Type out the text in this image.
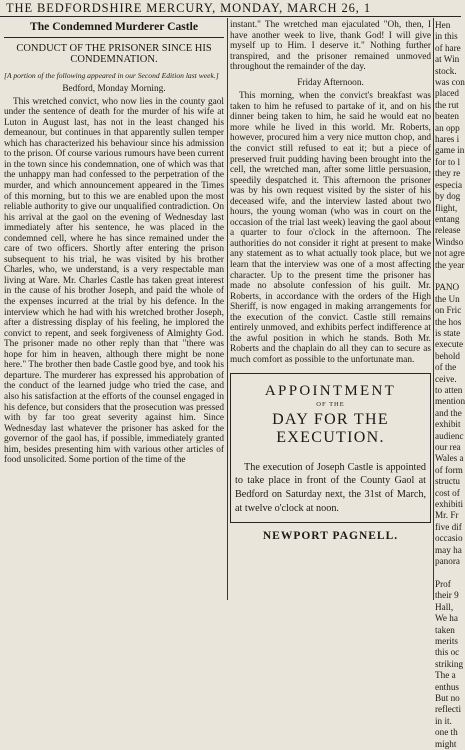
THE BEDFORDSHIRE MERCURY, MONDAY, MARCH 26, 1
The Condemned Murderer Castle
CONDUCT OF THE PRISONER SINCE HIS CONDEMNATION.
[A portion of the following appeared in our Second Edition last week.]
Bedford, Monday Morning.

This wretched convict, who now lies in the county gaol under the sentence of death for the murder of his wife at Luton in August last, has not in the least changed his demeanour, but continues in that apparently sullen temper which has characterized his behaviour since his admission to the prison. Of course various rumours have been current in the town since his condemnation, one of which was that the unhappy man had confessed to the perpetration of the murder, and which announcement appeared in the Times of this morning, but to this we are enabled upon the most reliable authority to give our unqualified contradiction. On his arrival at the gaol on the evening of Wednesday last immediately after his sentence, he was placed in the condemned cell, where he has since remained under the care of two officers. Shortly after entering the prison subsequent to his trial, he was visited by his brother Charles, who, we understand, is a very respectable man living at Ware. Mr. Charles Castle has taken great interest in the cause of his brother Joseph, and paid the whole of the expenses incurred at the trial by his defence. In the interview which he had with his wretched brother Joseph, after a distressing display of his feeling, he implored the convict to repent, and seek forgiveness of Almighty God. The prisoner made no other reply than that "there was hope for him in heaven, although there might be none here." The brother then bade Castle good bye, and took his departure. The murderer has expressed his approbation of the conduct of the learned judge who tried the case, and also his satisfaction at the efforts of the counsel engaged in his defence, but considers that the prosecution was pressed with by far too great severity against him. Since Wednesday last whatever the prisoner has asked for the governor of the gaol has, if possible, immediately granted him, besides presenting him with various other articles of food unsolicited. Some portion of the time of the

instant." The wretched man ejaculated "Oh, then, I have another week to live, thank God! I will give myself up to Him. I deserve it." Nothing further transpired, and the prisoner remained unmoved throughout the remainder of the day.

Friday Afternoon.

This morning, when the convict's breakfast was taken to him he refused to partake of it, and on his dinner being taken to him, he said he would eat no more while he lived in this world. Mr. Roberts, however, procured him a very nice mutton chop, and the convict still refused to eat it; but a piece of preserved fruit pudding having been brought into the cell, the wretched man, after some little persuasion, speedily despatched it. This afternoon the prisoner was by his own request visited by the sister of his deceased wife, and the interview lasted about two hours, the young woman (who was in court on the occasion of the trial last week) leaving the gaol about a quarter to four o'clock in the afternoon. The authorities do not consider it right at present to make any statement as to what actually took place, but we learn that the interview was one of a most affecting character. Up to the present time the prisoner has made no absolute confession of his guilt. Mr. Roberts, in accordance with the orders of the High Sheriff, is now engaged in making arrangements for the execution of the convict. Castle still remains entirely unmoved, and exhibits perfect indifference at the awful position in which he stands. Both Mr. Roberts and the chaplain do all they can to secure as much comfort as possible to the unfortunate man.

APPOINTMENT
OF THE
DAY FOR THE EXECUTION.

The execution of Joseph Castle is appointed to take place in front of the County Gaol at Bedford on Saturday next, the 31st of March, at twelve o'clock at noon.

NEWPORT PAGNELL.
Hen
in this
of hare
at Win
stock.
was con
placed
the rut
beaten
an opp
hares i
game in
for to l
they re
especia
by dog
flight,
entang
release
Windso
not agre
the year

PANO
the Un
on Fric
the hos
is state
execute
behold
of the
ceive.
to atten
mention
and the
exhibit
audienc
our rea
Wales a
of form
structu
cost of
exhibiti
Mr. Fr
five dif
occasio
may ha
panora

Prof
their 9
Hall,
We ha
taken
merits
this oc
striking
The a
enthus
But no
reflecti
in it.
one th
might
